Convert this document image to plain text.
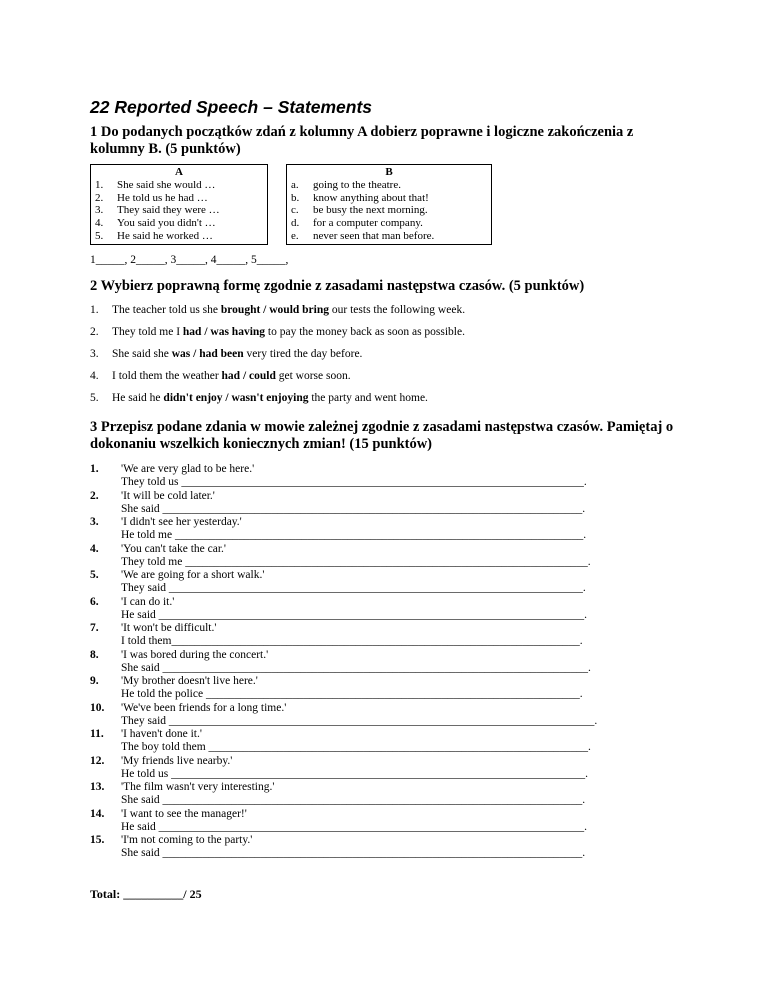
22 Reported Speech – Statements

1 Do podanych początków zdań z kolumny A dobierz poprawne i logiczne zakończenia z kolumny B. (5 punktów)

A
1.	She said she would …
2.	He told us he had …
3.	They said they were …
4.	You said you didn't …
5.	He said he worked …
B
a.	going to the theatre.
b.	know anything about that!
c.	be busy the next morning.
d.	for a computer company.
e.	never seen that man before.
1_____, 2_____, 3_____, 4_____, 5_____,

2 Wybierz poprawną formę zgodnie z zasadami następstwa czasów. (5 punktów)

1.	The teacher told us she brought / would bring our tests the following week.
2.	They told me I had / was having to pay the money back as soon as possible.
3.	She said she was / had been very tired the day before.
4.	I told them the weather had / could get worse soon.
5.	He said he didn't enjoy / wasn't enjoying the party and went home.

3 Przepisz podane zdania w mowie zależnej zgodnie z zasadami następstwa czasów. Pamiętaj o dokonaniu wszelkich koniecznych zmian! (15 punktów)

1.	'We are very glad to be here.'
They told us ______________________________________________________________________.
2.	'It will be cold later.'
She said _________________________________________________________________________.
3.	'I didn't see her yesterday.'
He told me _______________________________________________________________________.
4.	'You can't take the car.'
They told me ______________________________________________________________________.
5.	'We are going for a short walk.'
They said ________________________________________________________________________.
6.	'I can do it.'
He said __________________________________________________________________________.
7.	'It won't be difficult.'
I told them_______________________________________________________________________.
8.	'I was bored during the concert.'
She said __________________________________________________________________________.
9.	'My brother doesn't live here.'
He told the police _________________________________________________________________.
10.	'We've been friends for a long time.'
They said __________________________________________________________________________.
11.	'I haven't done it.'
The boy told them __________________________________________________________________.
12.	'My friends live nearby.'
He told us ________________________________________________________________________.
13.	'The film wasn't very interesting.'
She said _________________________________________________________________________.
14.	'I want to see the manager!'
He said __________________________________________________________________________.
15.	'I'm not coming to the party.'
She said _________________________________________________________________________.
Total: __________/ 25
